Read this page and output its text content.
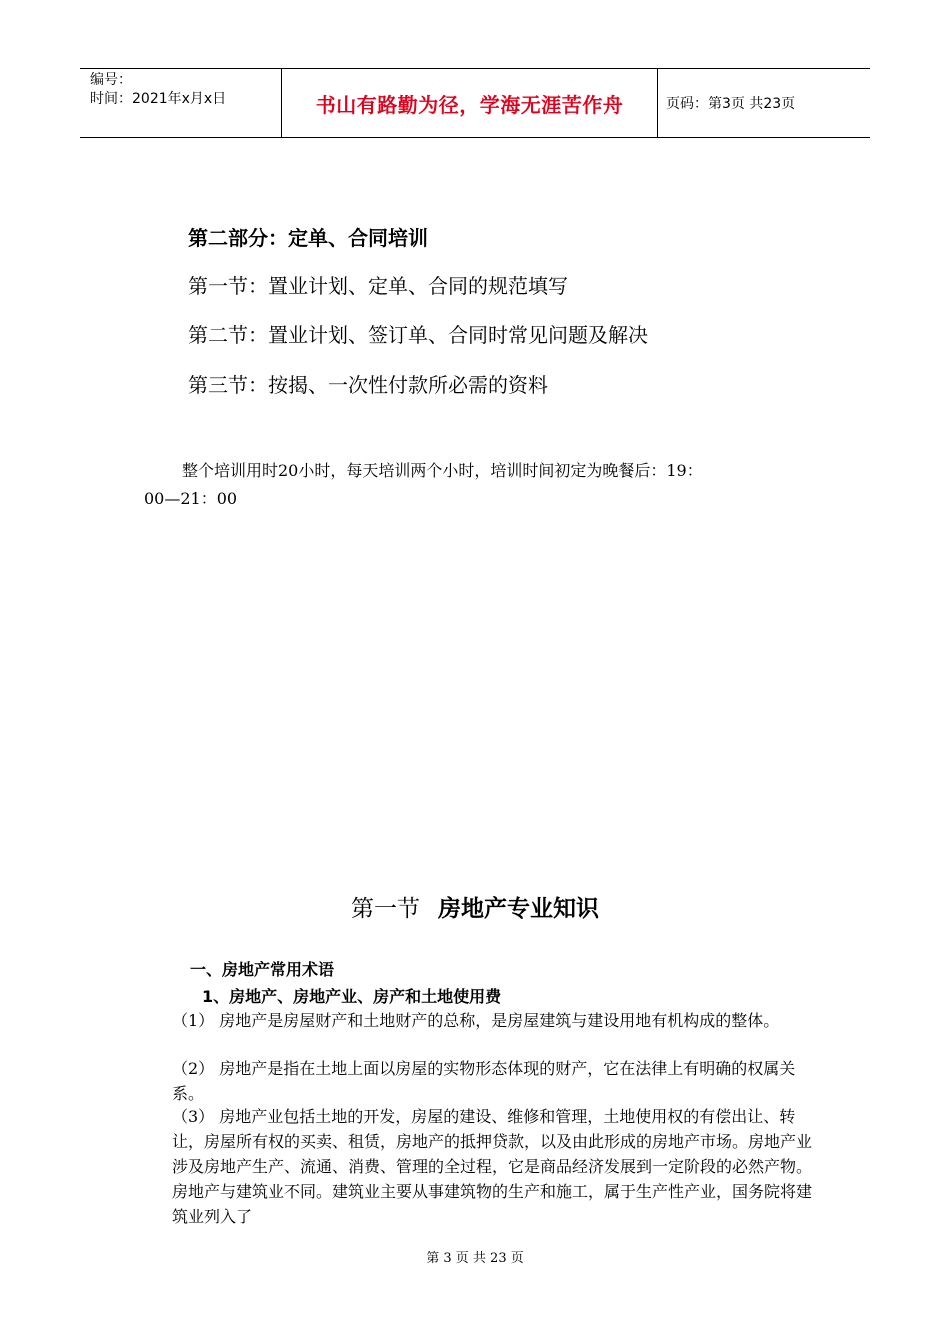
编号：
时间：2021年x月x日	书山有路勤为径，学海无涯苦作舟	页码：第3页 共23页
第二部分：定单、合同培训
第一节：置业计划、定单、合同的规范填写
第二节：置业计划、签订单、合同时常见问题及解决
第三节：按揭、一次性付款所必需的资料
整个培训用时20小时，每天培训两个小时，培训时间初定为晚餐后：19：
00—21：00
第一节 房地产专业知识
一、房地产常用术语
1、房地产、房地产业、房产和土地使用费
（1） 房地产是房屋财产和土地财产的总称，是房屋建筑与建设用地有机构成的整体。
（2） 房地产是指在土地上面以房屋的实物形态体现的财产，它在法律上有明确的权属关系。
（3） 房地产业包括土地的开发，房屋的建设、维修和管理，土地使用权的有偿出让、转让，房屋所有权的买卖、租赁，房地产的抵押贷款，以及由此形成的房地产市场。房地产业涉及房地产生产、流通、消费、管理的全过程，它是商品经济发展到一定阶段的必然产物。房地产与建筑业不同。建筑业主要从事建筑物的生产和施工，属于生产性产业，国务院将建筑业列入了
第 3 页 共 23 页
